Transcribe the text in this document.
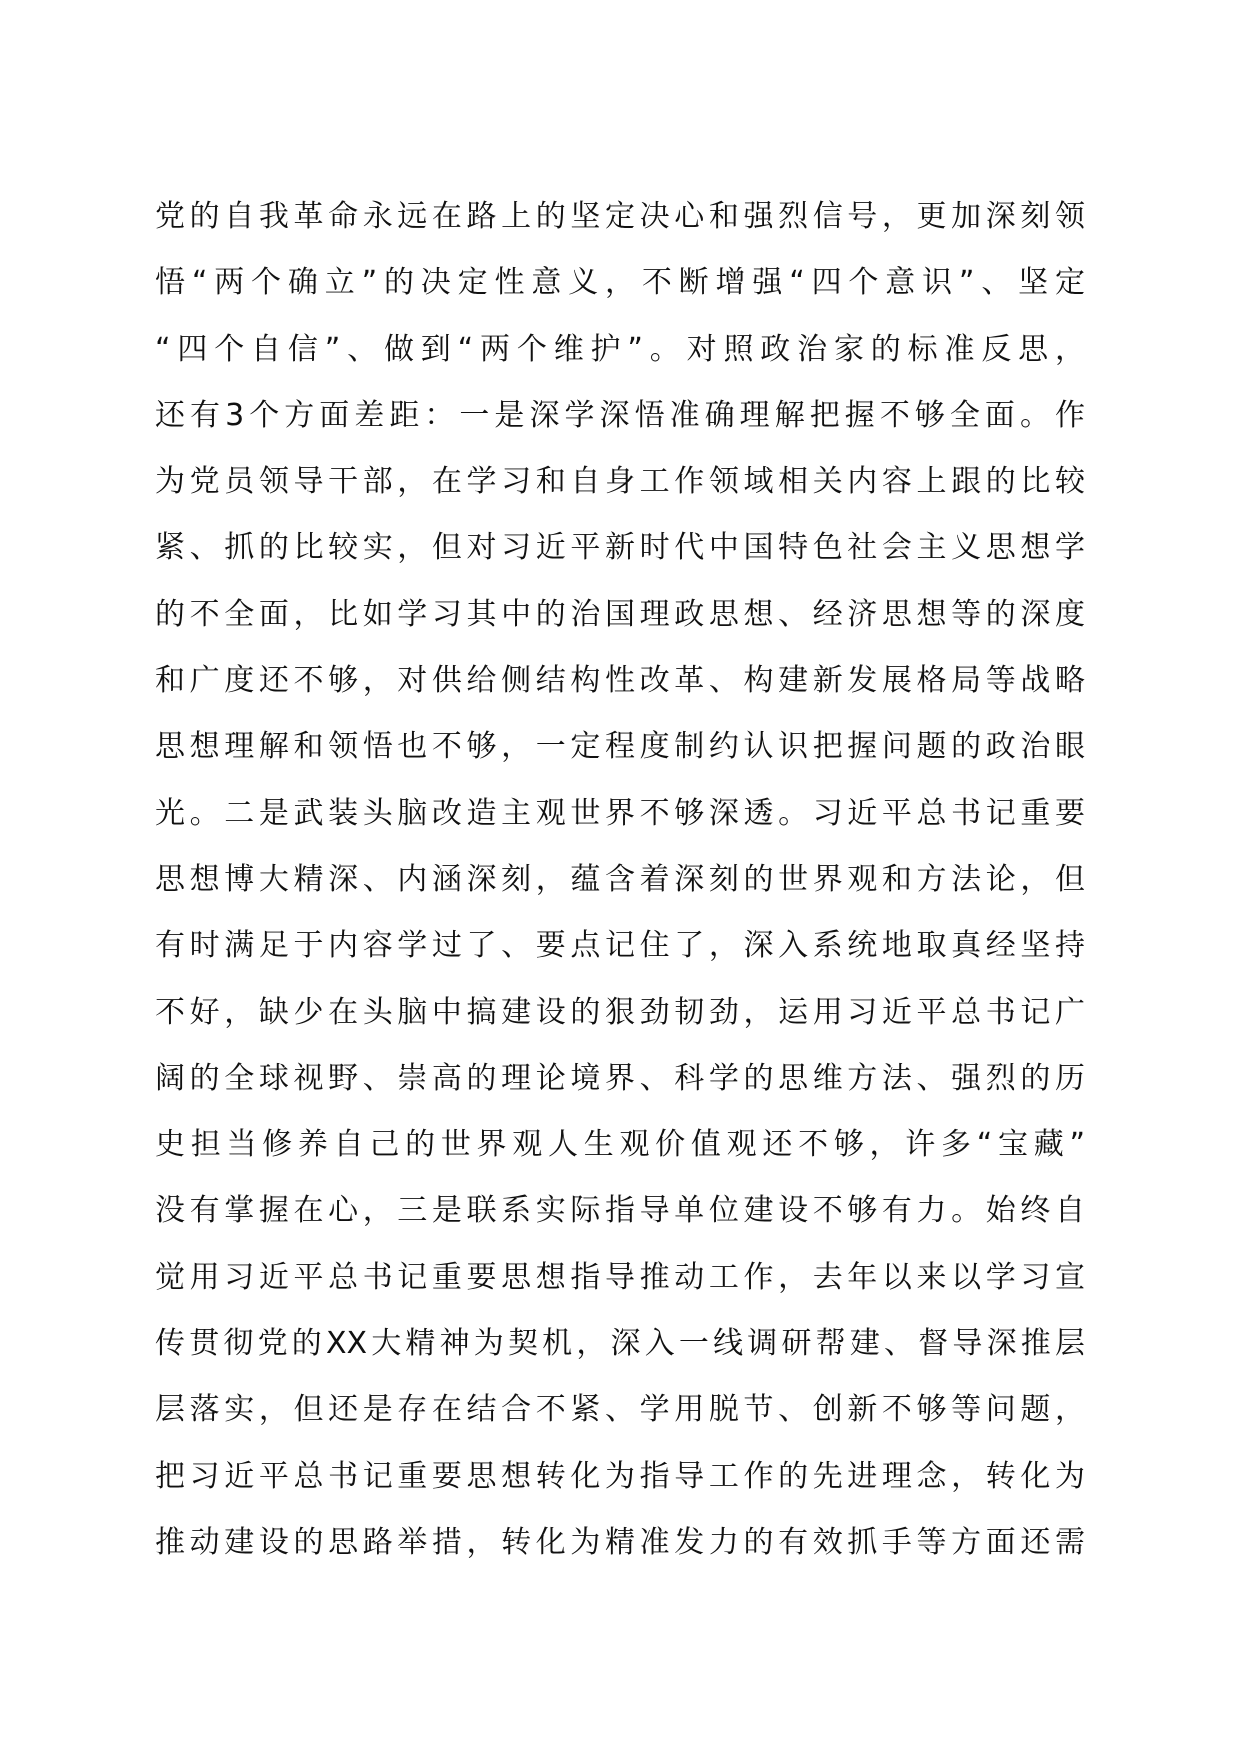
党的自我革命永远在路上的坚定决心和强烈信号，更加深刻领
悟“两个确立”的决定性意义，不断增强“四个意识”、坚定
“四个自信”、做到“两个维护”。对照政治家的标准反思，
还有3个方面差距：一是深学深悟准确理解把握不够全面。作
为党员领导干部，在学习和自身工作领域相关内容上跟的比较
紧、抓的比较实，但对习近平新时代中国特色社会主义思想学
的不全面，比如学习其中的治国理政思想、经济思想等的深度
和广度还不够，对供给侧结构性改革、构建新发展格局等战略
思想理解和领悟也不够，一定程度制约认识把握问题的政治眼
光。二是武装头脑改造主观世界不够深透。习近平总书记重要
思想博大精深、内涵深刻，蕴含着深刻的世界观和方法论，但
有时满足于内容学过了、要点记住了，深入系统地取真经坚持
不好，缺少在头脑中搞建设的狠劲韧劲，运用习近平总书记广
阔的全球视野、崇高的理论境界、科学的思维方法、强烈的历
史担当修养自己的世界观人生观价值观还不够，许多“宝藏”
没有掌握在心，三是联系实际指导单位建设不够有力。始终自
觉用习近平总书记重要思想指导推动工作，去年以来以学习宣
传贯彻党的XX大精神为契机，深入一线调研帮建、督导深推层
层落实，但还是存在结合不紧、学用脱节、创新不够等问题，
把习近平总书记重要思想转化为指导工作的先进理念，转化为
推动建设的思路举措，转化为精准发力的有效抓手等方面还需
